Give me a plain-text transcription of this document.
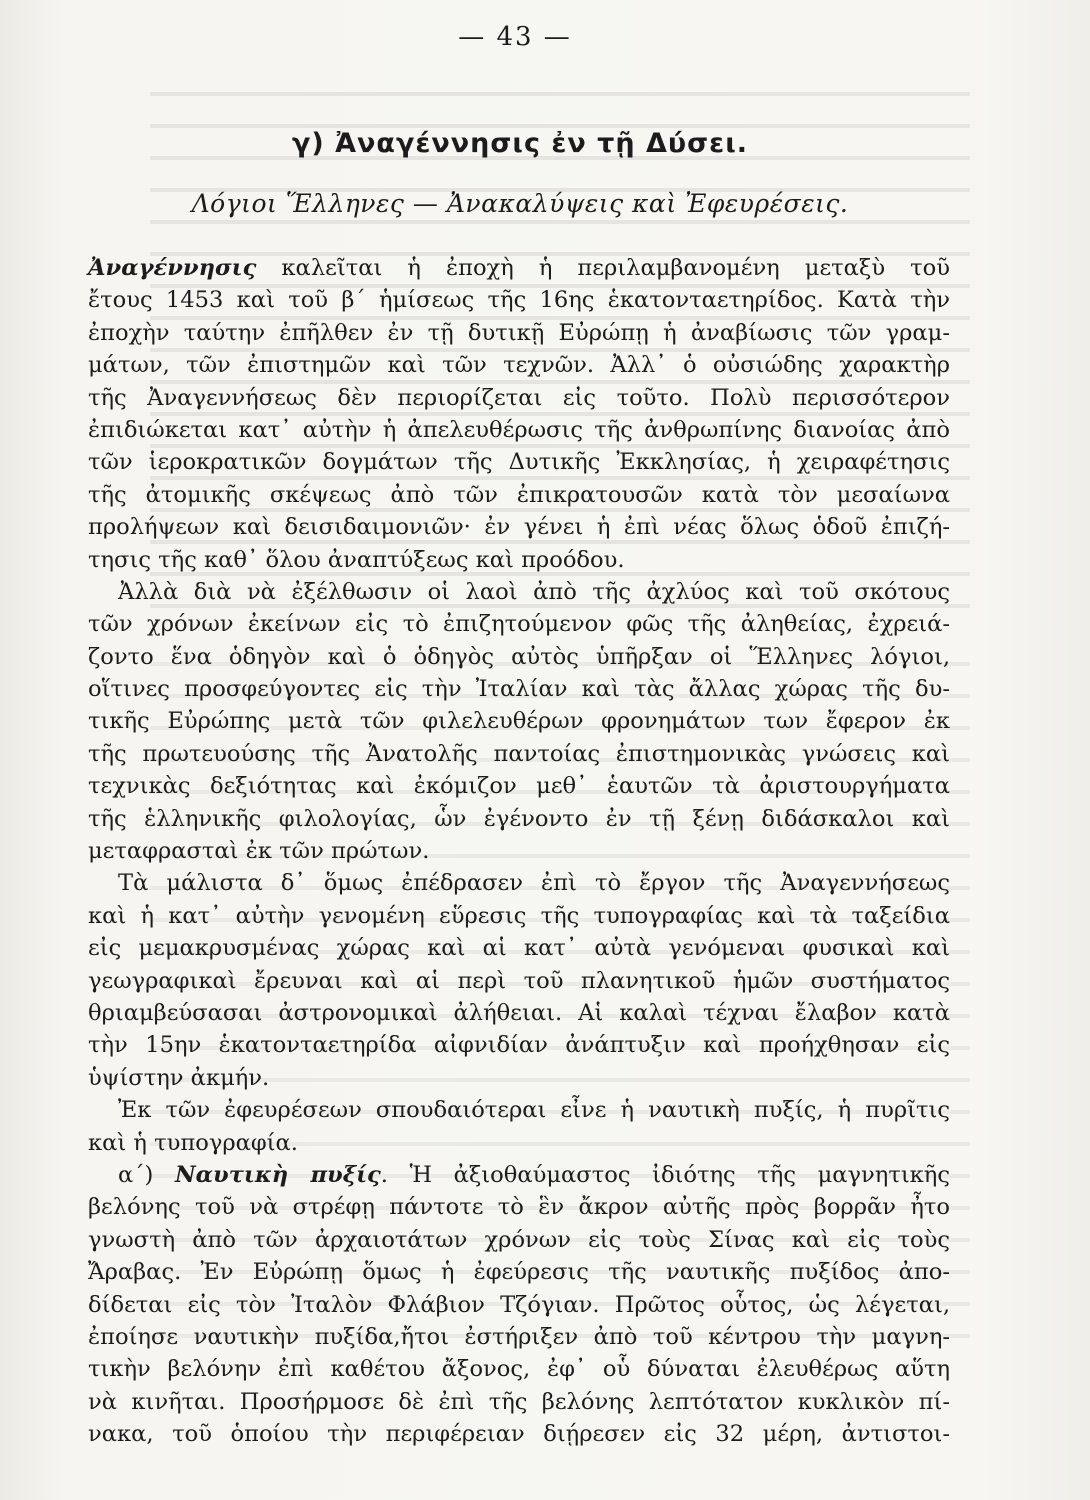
— 43 —
γ) Ἀναγέννησις ἐν τῇ Δύσει.
Λόγιοι Ἕλληνες — Ἀνακαλύψεις καὶ Ἐφευρέσεις.
Ἀναγέννησις καλεῖται ἡ ἐποχὴ ἡ περιλαμβανομένη μεταξὺ τοῦ
ἔτους 1453 καὶ τοῦ β΄ ἡμίσεως τῆς 16ης ἑκατονταετηρίδος. Κατὰ τὴν
ἐποχὴν ταύτην ἐπῆλθεν ἐν τῇ δυτικῇ Εὐρώπῃ ἡ ἀναβίωσις τῶν γραμ-
μάτων, τῶν ἐπιστημῶν καὶ τῶν τεχνῶν. Ἀλλ᾿ ὁ οὐσιώδης χαρακτὴρ
τῆς Ἀναγεννήσεως δὲν περιορίζεται εἰς τοῦτο. Πολὺ περισσότερον
ἐπιδιώκεται κατ᾿ αὐτὴν ἡ ἀπελευθέρωσις τῆς ἀνθρωπίνης διανοίας ἀπὸ
τῶν ἱεροκρατικῶν δογμάτων τῆς Δυτικῆς Ἐκκλησίας, ἡ χειραφέτησις
τῆς ἀτομικῆς σκέψεως ἀπὸ τῶν ἐπικρατουσῶν κατὰ τὸν μεσαίωνα
προλήψεων καὶ δεισιδαιμονιῶν· ἐν γένει ἡ ἐπὶ νέας ὅλως ὁδοῦ ἐπιζή-
τησις τῆς καθ᾿ ὅλου ἀναπτύξεως καὶ προόδου.
Ἀλλὰ διὰ νὰ ἐξέλθωσιν οἱ λαοὶ ἀπὸ τῆς ἀχλύος καὶ τοῦ σκότους
τῶν χρόνων ἐκείνων εἰς τὸ ἐπιζητούμενον φῶς τῆς ἀληθείας, ἐχρειά-
ζοντο ἕνα ὁδηγὸν καὶ ὁ ὁδηγὸς αὐτὸς ὑπῆρξαν οἱ Ἕλληνες λόγιοι,
οἵτινες προσφεύγοντες εἰς τὴν Ἰταλίαν καὶ τὰς ἄλλας χώρας τῆς δυ-
τικῆς Εὐρώπης μετὰ τῶν φιλελευθέρων φρονημάτων των ἔφερον ἐκ
τῆς πρωτευούσης τῆς Ἀνατολῆς παντοίας ἐπιστημονικὰς γνώσεις καὶ
τεχνικὰς δεξιότητας καὶ ἐκόμιζον μεθ᾿ ἑαυτῶν τὰ ἀριστουργήματα
τῆς ἑλληνικῆς φιλολογίας, ὧν ἐγένοντο ἐν τῇ ξένῃ διδάσκαλοι καὶ
μεταφρασταὶ ἐκ τῶν πρώτων.
Τὰ μάλιστα δ᾿ ὅμως ἐπέδρασεν ἐπὶ τὸ ἔργον τῆς Ἀναγεννήσεως
καὶ ἡ κατ᾿ αὐτὴν γενομένη εὕρεσις τῆς τυπογραφίας καὶ τὰ ταξείδια
εἰς μεμακρυσμένας χώρας καὶ αἱ κατ᾿ αὐτὰ γενόμεναι φυσικαὶ καὶ
γεωγραφικαὶ ἔρευναι καὶ αἱ περὶ τοῦ πλανητικοῦ ἡμῶν συστήματος
θριαμβεύσασαι ἀστρονομικαὶ ἀλήθειαι. Αἱ καλαὶ τέχναι ἔλαβον κατὰ
τὴν 15ην ἑκατονταετηρίδα αἰφνιδίαν ἀνάπτυξιν καὶ προήχθησαν εἰς
ὑψίστην ἀκμήν.
Ἐκ τῶν ἐφευρέσεων σπουδαιότεραι εἶνε ἡ ναυτικὴ πυξίς, ἡ πυρῖτις
καὶ ἡ τυπογραφία.
α΄) Ναυτικὴ πυξίς. Ἡ ἀξιοθαύμαστος ἰδιότης τῆς μαγνητικῆς
βελόνης τοῦ νὰ στρέφῃ πάντοτε τὸ ἓν ἄκρον αὐτῆς πρὸς βορρᾶν ἦτο
γνωστὴ ἀπὸ τῶν ἀρχαιοτάτων χρόνων εἰς τοὺς Σίνας καὶ εἰς τοὺς
Ἄραβας. Ἐν Εὐρώπῃ ὅμως ἡ ἐφεύρεσις τῆς ναυτικῆς πυξίδος ἀπο-
δίδεται εἰς τὸν Ἰταλὸν Φλάβιον Τζόγιαν. Πρῶτος οὗτος, ὡς λέγεται,
ἐποίησε ναυτικὴν πυξίδα,ἤτοι ἐστήριξεν ἀπὸ τοῦ κέντρου τὴν μαγνη-
τικὴν βελόνην ἐπὶ καθέτου ἄξονος, ἐφ᾿ οὗ δύναται ἐλευθέρως αὕτη
νὰ κινῆται. Προσήρμοσε δὲ ἐπὶ τῆς βελόνης λεπτότατον κυκλικὸν πί-
νακα, τοῦ ὁποίου τὴν περιφέρειαν διῄρεσεν εἰς 32 μέρη, ἀντιστοι-
